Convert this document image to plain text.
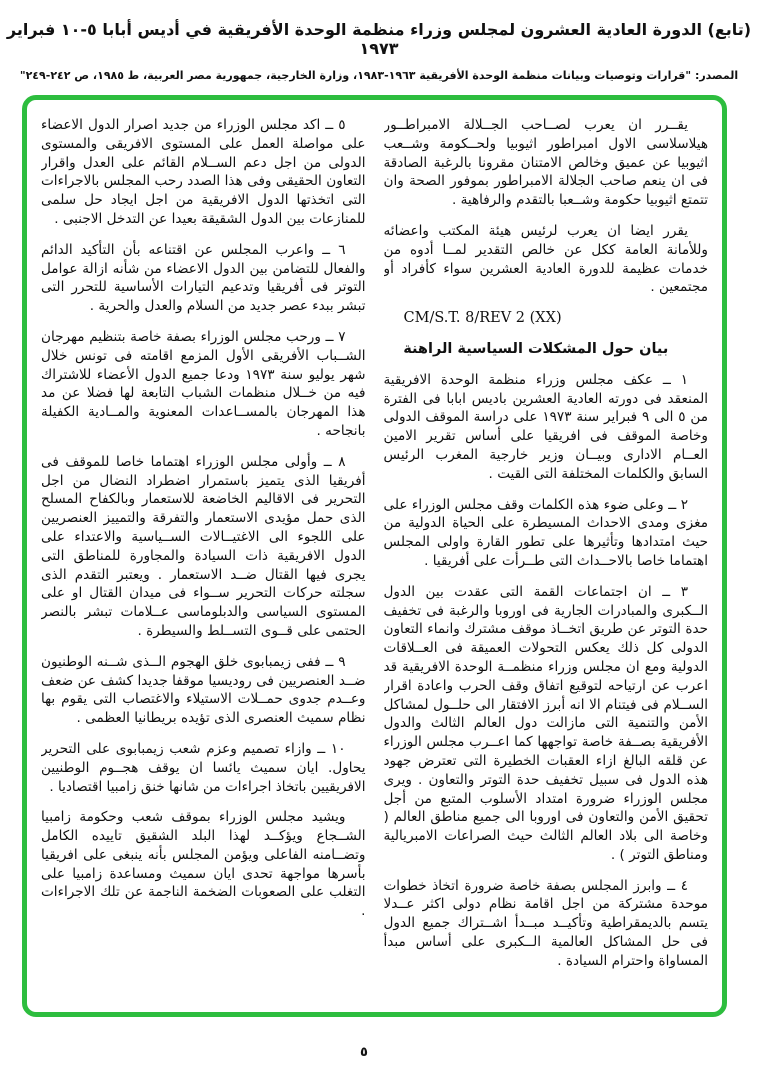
(تابع) الدورة العادية العشرون لمجلس وزراء منظمة الوحدة الأفريقية في أديس أبابا ٥-١٠ فبراير ١٩٧٣
المصدر: "قرارات وتوصيات وبيانات منظمة الوحدة الأفريقية ١٩٦٣-١٩٨٣، وزارة الخارجية، جمهورية مصر العربية، ط ١٩٨٥، ص ٢٤٢-٢٤٩"

يقــرر ان يعرب لصــاحب الجــلالة الامبراطــور هيلاسلاسى الاول امبراطور اثيوبيا ولحــكومة وشــعب اثيوبيا عن عميق وخالص الامتنان مقرونا بالرغبة الصادقة فى ان ينعم صاحب الجلالة الامبراطور بموفور الصحة وان تتمتع اثيوبيا حكومة وشــعبا بالتقدم والرفاهية .

يقرر ايضا ان يعرب لرئيس هيئة المكتب واعضائه وللأمانة العامة ككل عن خالص التقدير لمــا أدوه من خدمات عظيمة للدورة العادية العشرين سواء كأفراد أو مجتمعين .

CM/S.T. 8/REV 2 (XX)

بيان حول المشكلات السياسية الراهنة

١ ــ عكف مجلس وزراء منظمة الوحدة الافريقية المنعقد فى دورته العادية العشرين باديس ابابا فى الفترة من ٥ الى ٩ فبراير سنة ١٩٧٣ على دراسة الموقف الدولى وخاصة الموقف فى افريقيا على أساس تقرير الامين العــام الادارى وبيــان وزير خارجية المغرب الرئيس السابق والكلمات المختلفة التى القيت .

٢ ــ وعلى ضوء هذه الكلمات وقف مجلس الوزراء على مغزى ومدى الاحداث المسيطرة على الحياة الدولية من حيث امتدادها وتأثيرها على تطور القارة واولى المجلس اهتماما خاصا بالاحــداث التى طــرأت على أفريقيا .

٣ ــ ان اجتماعات القمة التى عقدت بين الدول الــكبرى والمبادرات الجارية فى اوروبا والرغبة فى تخفيف حدة التوتر عن طريق اتخــاذ موقف مشترك وانماء التعاون الدولى كل ذلك يعكس التحولات العميقة فى العــلاقات الدولية ومع ان مجلس وزراء منظمــة الوحدة الافريقية قد اعرب عن ارتياحه لتوقيع اتفاق وقف الحرب واعادة اقرار الســلام فى فيتنام الا انه أبرز الافتقار الى حلــول لمشاكل الأمن والتنمية التى مازالت دول العالم الثالث والدول الأفريقية بصــفة خاصة تواجهها كما اعــرب مجلس الوزراء عن قلقه البالغ ازاء العقبات الخطيرة التى تعترض جهود هذه الدول فى سبيل تخفيف حدة التوتر والتعاون . ويرى مجلس الوزراء ضرورة امتداد الأسلوب المتبع من أجل تحقيق الأمن والتعاون فى اوروبا الى جميع مناطق العالم ( وخاصة الى بلاد العالم الثالث حيث الصراعات الامبريالية ومناطق التوتر ) .

٤ ــ وابرز المجلس بصفة خاصة ضرورة اتخاذ خطوات موحدة مشتركة من اجل اقامة نظام دولى اكثر عــدلا يتسم بالديمقراطية وتأكيــد مبــدأ اشــتراك جميع الدول فى حل المشاكل العالمية الــكبرى على أساس مبدأ المساواة واحترام السيادة .

٥ ــ اكد مجلس الوزراء من جديد اصرار الدول الاعضاء على مواصلة العمل على المستوى الافريقى والمستوى الدولى من اجل دعم الســلام القائم على العدل واقرار التعاون الحقيقى وفى هذا الصدد رحب المجلس بالاجراءات التى اتخذتها الدول الافريقية من اجل ايجاد حل سلمى للمنازعات بين الدول الشقيقة بعيدا عن التدخل الاجنبى .

٦ ــ واعرب المجلس عن اقتناعه بأن التأكيد الدائم والفعال للتضامن بين الدول الاعضاء من شأنه ازالة عوامل التوتر فى أفريقيا وتدعيم التيارات الأساسية للتحرر التى تبشر ببدء عصر جديد من السلام والعدل والحرية .

٧ ــ ورحب مجلس الوزراء بصفة خاصة بتنظيم مهرجان الشــباب الأفريقى الأول المزمع اقامته فى تونس خلال شهر يوليو سنة ١٩٧٣ ودعا جميع الدول الأعضاء للاشتراك فيه من خــلال منظمات الشباب التابعة لها فضلا عن مد هذا المهرجان بالمســاعدات المعنوية والمــادية الكفيلة بانجاحه .

٨ ــ وأولى مجلس الوزراء اهتماما خاصا للموقف فى أفريقيا الذى يتميز باستمرار اضطراد النضال من اجل التحرير فى الاقاليم الخاضعة للاستعمار وبالكفاح المسلح الذى حمل مؤيدى الاستعمار والتفرقة والتمييز العنصريين على اللجوء الى الاغتيــالات الســياسية والاعتداء على الدول الافريقية ذات السيادة والمجاورة للمناطق التى يجرى فيها القتال ضــد الاستعمار . ويعتبر التقدم الذى سجلته حركات التحرير ســواء فى ميدان القتال او على المستوى السياسى والدبلوماسى عــلامات تبشر بالنصر الحتمى على قــوى التســلط والسيطرة .

٩ ــ ففى زيمبابوى خلق الهجوم الــذى شــنه الوطنيون ضــد العنصريين فى روديسيا موقفا جديدا كشف عن ضعف وعــدم جدوى حمــلات الاستيلاء والاغتصاب التى يقوم بها نظام سميث العنصرى الذى تؤيده بريطانيا العظمى .

١٠ ــ وازاء تصميم وعزم شعب زيمبابوى على التحرير يحاول. ايان سميث يائسا ان يوقف هجــوم الوطنيين الافريقيين باتخاذ اجراءات من شانها خنق زامبيا اقتصاديا .

ويشيد مجلس الوزراء بموقف شعب وحكومة زامبيا الشــجاع ويؤكــد لهذا البلد الشقيق تاييده الكامل وتضــامنه الفاعلى ويؤمن المجلس بأنه ينبغى على افريقيا بأسرها مواجهة تحدى ايان سميث ومساعدة زامبيا على التغلب على الصعوبات الضخمة الناجمة عن تلك الاجراءات .

٥
